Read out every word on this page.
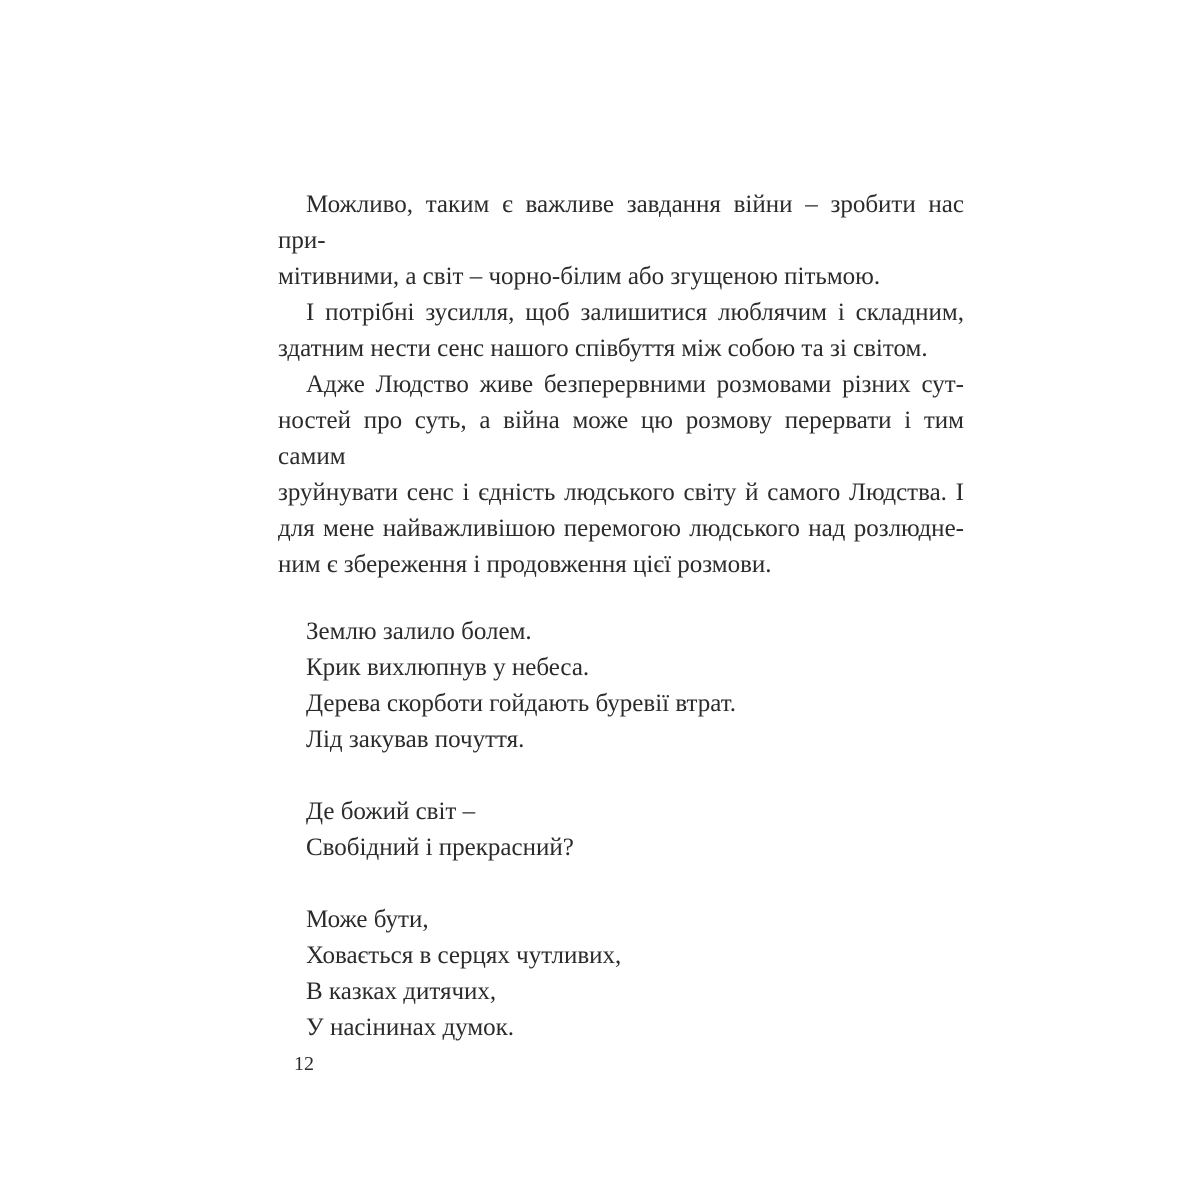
Можливо, таким є важливе завдання війни – зробити нас при-
мітивними, а світ – чорно-білим або згущеною пітьмою.
І потрібні зусилля, щоб залишитися люблячим і складним,
здатним нести сенс нашого співбуття між собою та зі світом.
Адже Людство живе безперервними розмовами різних сут-
ностей про суть, а війна може цю розмову перервати і тим самим
зруйнувати сенс і єдність людського світу й самого Людства. І
для мене найважливішою перемогою людського над розлюдне-
ним є збереження і продовження цієї розмови.
Землю залило болем.
Крик вихлюпнув у небеса.
Дерева скорботи гойдають буревії втрат.
Лід закував почуття.
Де божий світ –
Свобідний і прекрасний?
Може бути,
Ховається в серцях чутливих,
В казках дитячих,
У насінинах думок.
12
